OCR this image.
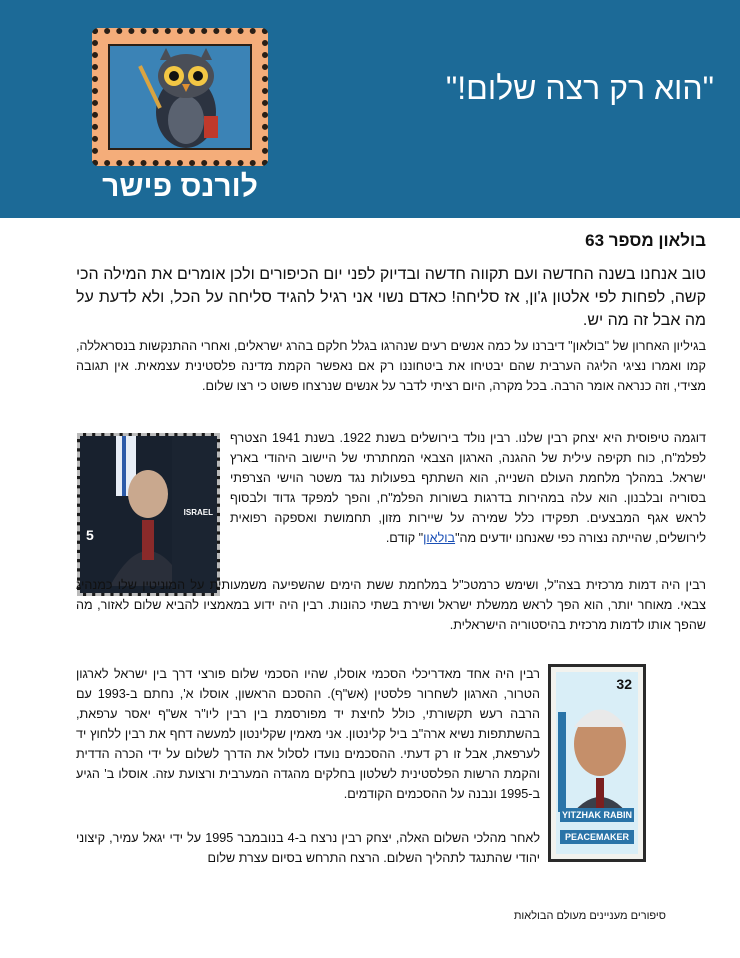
לורנס פישר
"הוא רק רצה שלום!"
בולאון מספר 63
טוב אנחנו בשנה החדשה ועם תקווה חדשה ובדיוק לפני יום הכיפורים ולכן אומרים את המילה הכי קשה, לפחות לפי אלטון ג'ון, אז סליחה! כאדם נשוי אני רגיל להגיד סליחה על הכל, ולא לדעת על מה אבל זה מה יש.
בגיליון האחרון של "בולאון" דיברנו על כמה אנשים רעים שנהרגו בגלל חלקם בהרג ישראלים, ואחרי ההתנקשות בנסראללה, קמו ואמרו נציגי הליגה הערבית שהם יבטיחו את ביטחוננו רק אם נאפשר הקמת מדינה פלסטינית עצמאית. אין תגובה מצידי, וזה כנראה אומר הרבה. בכל מקרה, היום רציתי לדבר על אנשים שנרצחו פשוט כי רצו שלום.
ISRAEL
5
דוגמה טיפוסית היא יצחק רבין שלנו. רבין נולד בירושלים בשנת 1922. בשנת 1941 הצטרף לפלמ"ח, כוח תקיפה עילית של ההגנה, הארגון הצבאי המחתרתי של היישוב היהודי בארץ ישראל. במהלך מלחמת העולם השנייה, הוא השתתף בפעולות נגד משטר הוישי הצרפתי בסוריה ובלבנון. הוא עלה במהירות בדרגות בשורות הפלמ"ח, והפך למפקד גדוד ולבסוף לראש אגף המבצעים. תפקידו כלל שמירה על שיירות מזון, תחמושת ואספקה רפואית לירושלים, שהייתה נצורה כפי שאנחנו יודעים מה"בולאון" קודם.
רבין היה דמות מרכזית בצה"ל, ושימש כרמטכ"ל במלחמת ששת הימים שהשפיעה משמעותית על המוניטין שלו כמנהיג צבאי. מאוחר יותר, הוא הפך לראש ממשלת ישראל ושירת בשתי כהונות. רבין היה ידוע במאמציו להביא שלום לאזור, מה שהפך אותו לדמות מרכזית בהיסטוריה הישראלית.
רבין היה אחד מאדריכלי הסכמי אוסלו, שהיו הסכמי שלום פורצי דרך בין ישראל לארגון הטרור, הארגון לשחרור פלסטין (אש"ף). ההסכם הראשון, אוסלו א', נחתם ב-1993 עם הרבה רעש תקשורתי, כולל לחיצת יד מפורסמת בין רבין ליו"ר אש"ף יאסר ערפאת, בהשתתפות נשיא ארה"ב ביל קלינטון. אני מאמין שקלינטון למעשה דחף את רבין ללחוץ יד לערפאת, אבל זו רק דעתי. ההסכמים נועדו לסלול את הדרך לשלום על ידי הכרה הדדית והקמת הרשות הפלסטינית לשלטון בחלקים מהגדה המערבית ורצועת עזה. אוסלו ב' הגיע ב-1995 ונבנה על ההסכמים הקודמים.
32
YITZHAK RABIN
PEACEMAKER
לאחר מהלכי השלום האלה, יצחק רבין נרצח ב-4 בנובמבר 1995 על ידי יגאל עמיר, קיצוני יהודי שהתנגד לתהליך השלום. הרצח התרחש בסיום עצרת שלום
סיפורים מעניינים מעולם הבולאות
